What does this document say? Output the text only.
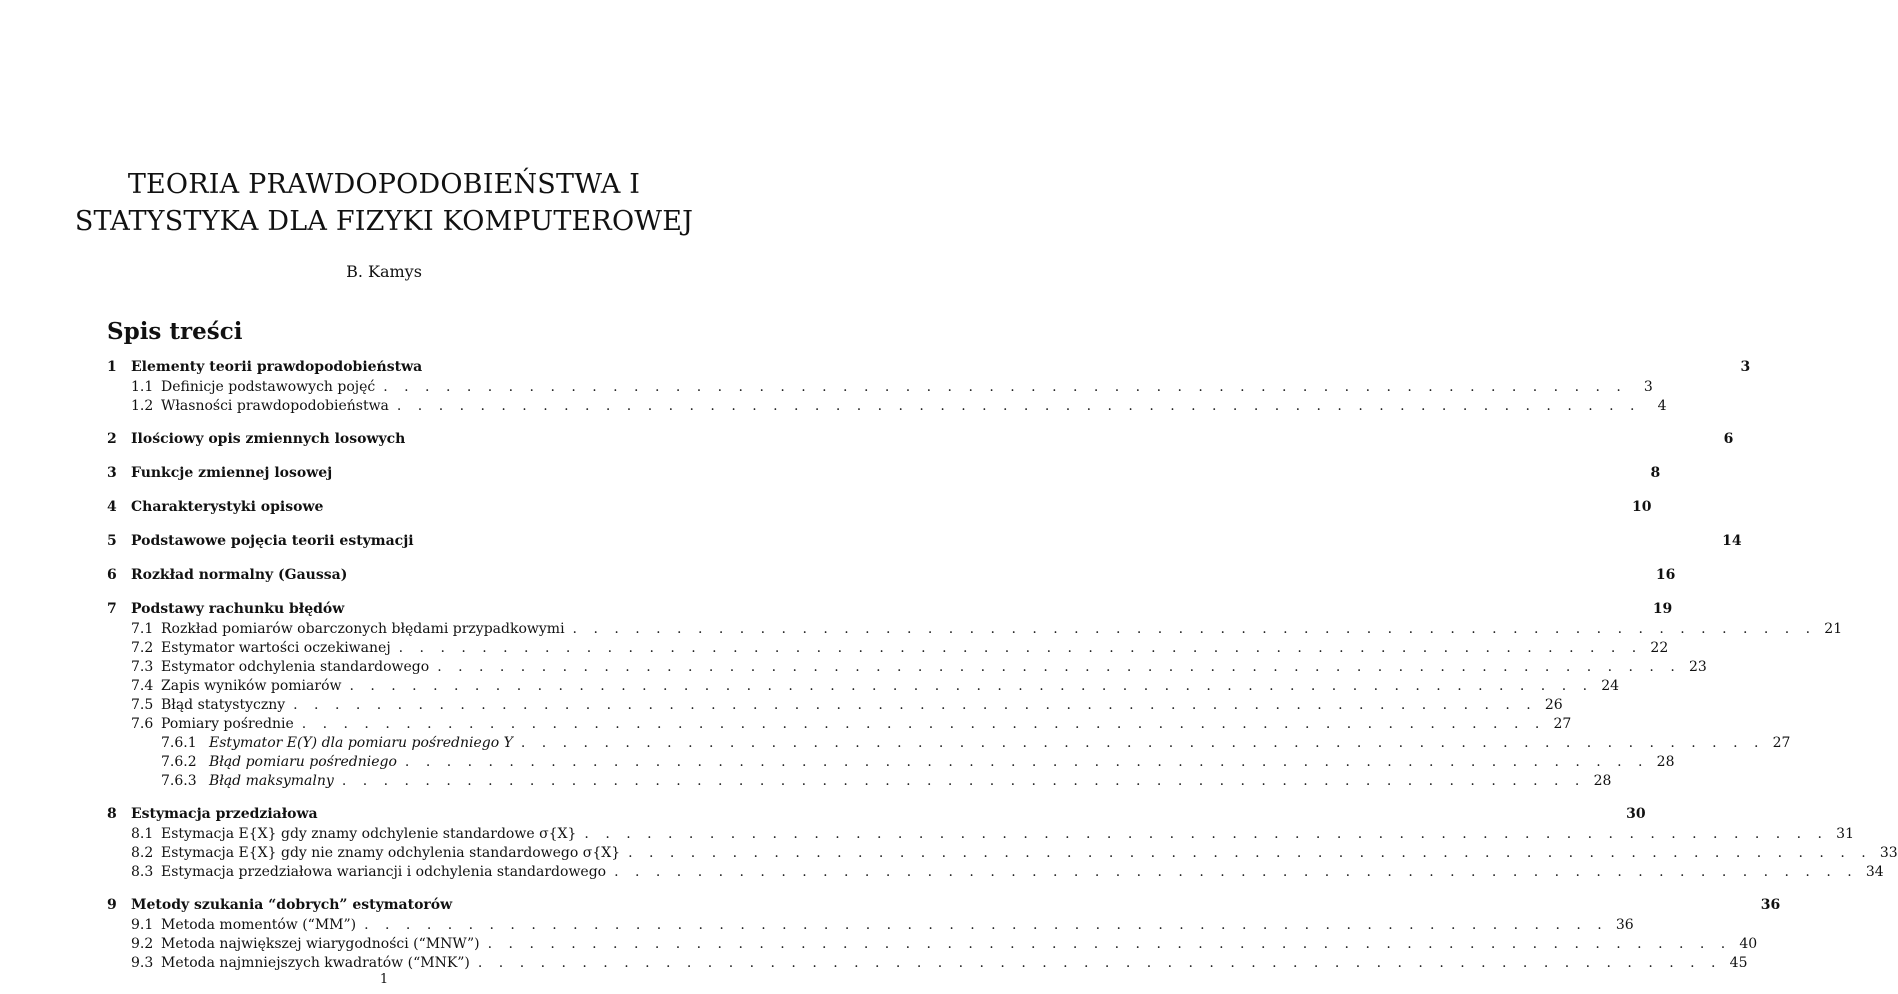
TEORIA PRAWDOPODOBIEŃSTWA I
STATYSTYKA DLA FIZYKI KOMPUTEROWEJ
B. Kamys
Spis treści
1	Elementy teorii prawdopodobieństwa	3
1.1 Definicje podstawowych pojęć . . . . . . . . . . . . . . . . . . . . . . . . . . . . . . . . . . . . . . . . . . . . . . . . . . . . . . . . . . . .	3
1.2 Własności prawdopodobieństwa . . . . . . . . . . . . . . . . . . . . . . . . . . . . . . . . . . . . . . . . . . . . . . . . . . . . . . . . . . . .	4
2	Ilościowy opis zmiennych losowych	6
3	Funkcje zmiennej losowej	8
4	Charakterystyki opisowe	10
5	Podstawowe pojęcia teorii estymacji	14
6	Rozkład normalny (Gaussa)	16
7	Podstawy rachunku błędów	19
7.1 Rozkład pomiarów obarczonych błędami przypadkowymi . . . . . . . . . . . . . . . . . . . . . . . . . . . . . . . . . . . . . . . . . . . . . . . . . . . . . . . . . . . . 21
7.2 Estymator wartości oczekiwanej . . . . . . . . . . . . . . . . . . . . . . . . . . . . . . . . . . . . . . . . . . . . . . . . . . . . . . . . . . . . 22
7.3 Estymator odchylenia standardowego . . . . . . . . . . . . . . . . . . . . . . . . . . . . . . . . . . . . . . . . . . . . . . . . . . . . . . . . . . . . 23
7.4 Zapis wyników pomiarów . . . . . . . . . . . . . . . . . . . . . . . . . . . . . . . . . . . . . . . . . . . . . . . . . . . . . . . . . . . . 24
7.5 Błąd statystyczny . . . . . . . . . . . . . . . . . . . . . . . . . . . . . . . . . . . . . . . . . . . . . . . . . . . . . . . . . . . . 26
7.6 Pomiary pośrednie . . . . . . . . . . . . . . . . . . . . . . . . . . . . . . . . . . . . . . . . . . . . . . . . . . . . . . . . . . . . 27
7.6.1 Estymator E(Y) dla pomiaru pośredniego Y . . . . . . . . . . . . . . . . . . . . . . . . . . . . . . . . . . . . . . . . . . . . . . . . . . . . . . . . . . . . 27
7.6.2 Błąd pomiaru pośredniego . . . . . . . . . . . . . . . . . . . . . . . . . . . . . . . . . . . . . . . . . . . . . . . . . . . . . . . . . . . . 28
7.6.3 Błąd maksymalny . . . . . . . . . . . . . . . . . . . . . . . . . . . . . . . . . . . . . . . . . . . . . . . . . . . . . . . . . . . . 28
8	Estymacja przedziałowa	30
8.1 Estymacja E{X} gdy znamy odchylenie standardowe σ{X} . . . . . . . . . . . . . . . . . . . . . . . . . . . . . . . . . . . . . . . . . . . . . . . . . . . . . . . . . . . . 31
8.2 Estymacja E{X} gdy nie znamy odchylenia standardowego σ{X} . . . . . . . . . . . . . . . . . . . . . . . . . . . . . . . . . . . . . . . . . . . . . . . . . . . . . . . . . . . . 33
8.3 Estymacja przedziałowa wariancji i odchylenia standardowego . . . . . . . . . . . . . . . . . . . . . . . . . . . . . . . . . . . . . . . . . . . . . . . . . . . . . . . . . . . . 34
9	Metody szukania “dobrych” estymatorów	36
9.1 Metoda momentów (“MM”) . . . . . . . . . . . . . . . . . . . . . . . . . . . . . . . . . . . . . . . . . . . . . . . . . . . . . . . . . . . . 36
9.2 Metoda największej wiarygodności (“MNW”) . . . . . . . . . . . . . . . . . . . . . . . . . . . . . . . . . . . . . . . . . . . . . . . . . . . . . . . . . . . . 40
9.3 Metoda najmniejszych kwadratów (“MNK”) . . . . . . . . . . . . . . . . . . . . . . . . . . . . . . . . . . . . . . . . . . . . . . . . . . . . . . . . . . . . 45
1
